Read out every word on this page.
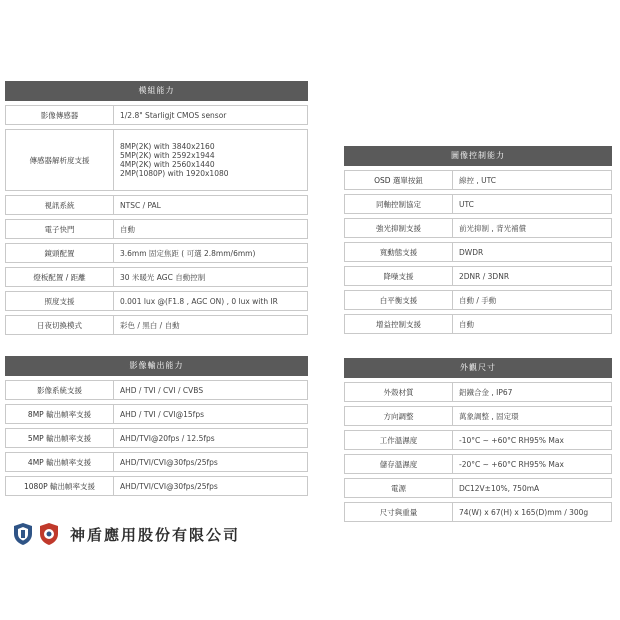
模組能力
影像傳感器	1/2.8" Starligjt CMOS sensor
傳感器解析度支援
8MP(2K) with 3840x2160
5MP(2K) with 2592x1944
4MP(2K) with 2560x1440
2MP(1080P) with 1920x1080
視訊系統	NTSC / PAL
電子快門	自動
鏡頭配置	3.6mm 固定焦距 ( 可選 2.8mm/6mm)
燈板配置 / 距離	30 米暖光 AGC 自動控制
照度支援	0.001 lux @(F1.8 , AGC ON) , 0 lux with IR
日夜切換模式	彩色 / 黑白 / 自動
圖像控制能力
OSD 選單按鈕	線控 , UTC
同軸控制協定	UTC
強光抑制支援	前光抑制 , 背光補償
寬動態支援	DWDR
降噪支援	2DNR / 3DNR
白平衡支援	自動 / 手動
增益控制支援	自動
影像輸出能力
影像系統支援	AHD / TVI / CVI / CVBS
8MP 輸出幀率支援	AHD / TVI / CVI@15fps
5MP 輸出幀率支援	AHD/TVI@20fps / 12.5fps
4MP 輸出幀率支援	AHD/TVI/CVI@30fps/25fps
1080P 輸出幀率支援	AHD/TVI/CVI@30fps/25fps
外觀尺寸
外殼材質	鋁鐵合金 , IP67
方向調整	萬象調整 , 固定環
工作溫濕度	-10°C ~ +60°C RH95% Max
儲存溫濕度	-20°C ~ +60°C RH95% Max
電源	DC12V±10%, 750mA
尺寸與重量	74(W) x 67(H) x 165(D)mm / 300g
神盾應用股份有限公司
